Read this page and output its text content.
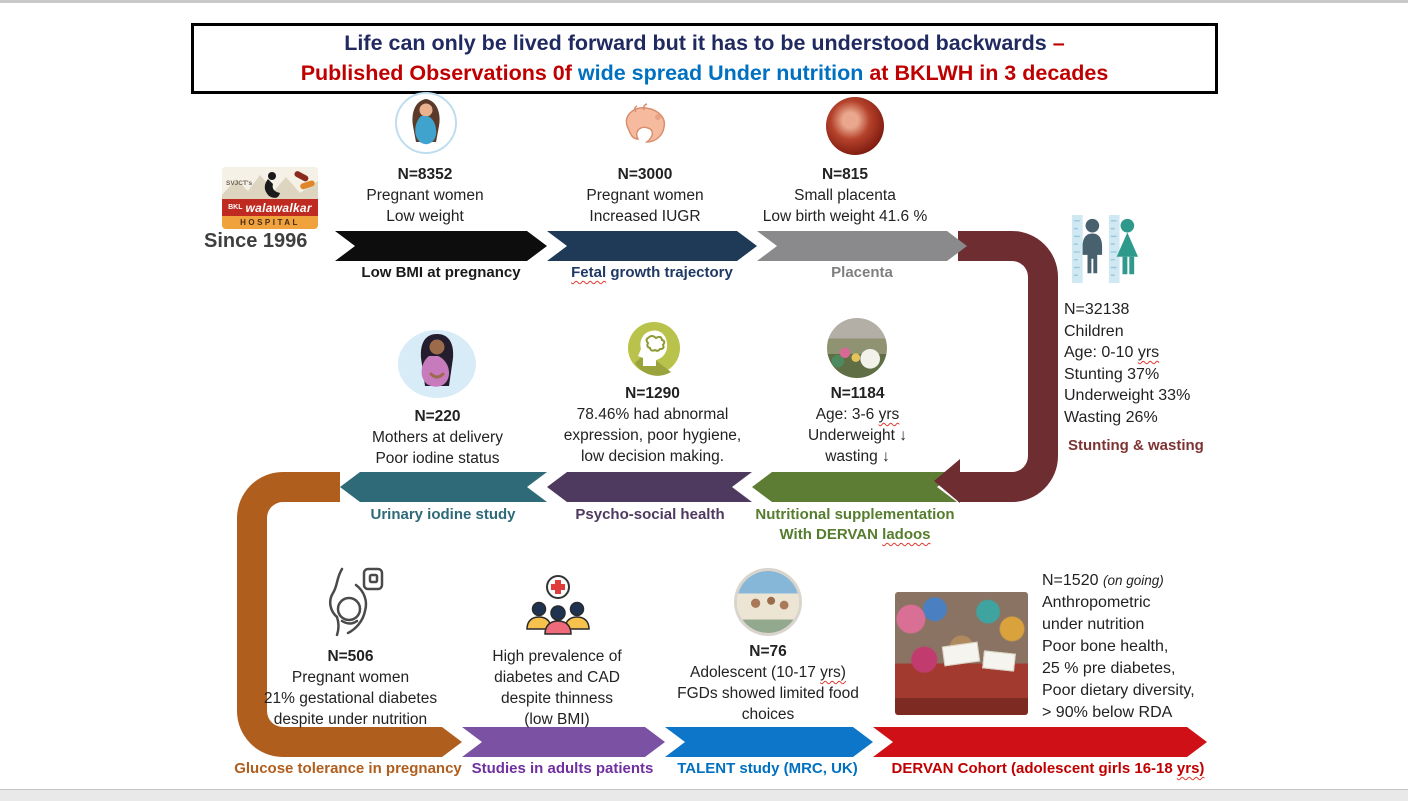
Life can only be lived forward but it has to be understood backwards –
Published Observations 0f wide spread Under nutrition at BKLWH in 3 decades
SVJCT's
BKL walawalkar
HOSPITAL
Since 1996
Low BMI at pregnancy	Fetal growth trajectory	Placenta
N=8352
Pregnant women
Low weight
N=3000
Pregnant women
Increased IUGR
N=815
Small placenta
Low birth weight 41.6 %
N=32138
Children
Age: 0-10 yrs
Stunting 37%
Underweight 33%
Wasting 26%
Stunting & wasting
Urinary iodine study	Psycho-social health	Nutritional supplementation
With DERVAN ladoos
N=220
Mothers at delivery
Poor iodine status
N=1290
78.46% had abnormal
expression, poor hygiene,
low decision making.
N=1184
Age: 3-6 yrs
Underweight ↓
wasting ↓
Glucose tolerance in pregnancy Studies in adults patients	TALENT study (MRC, UK)	DERVAN Cohort (adolescent girls 16-18 yrs)
N=506
Pregnant women
21% gestational diabetes
despite under nutrition
High prevalence of
diabetes and CAD
despite thinness
(low BMI)
N=76
Adolescent (10-17 yrs)
FGDs showed limited food
choices
N=1520 (on going)
Anthropometric
under nutrition
Poor bone health,
25 % pre diabetes,
Poor dietary diversity,
> 90% below RDA
